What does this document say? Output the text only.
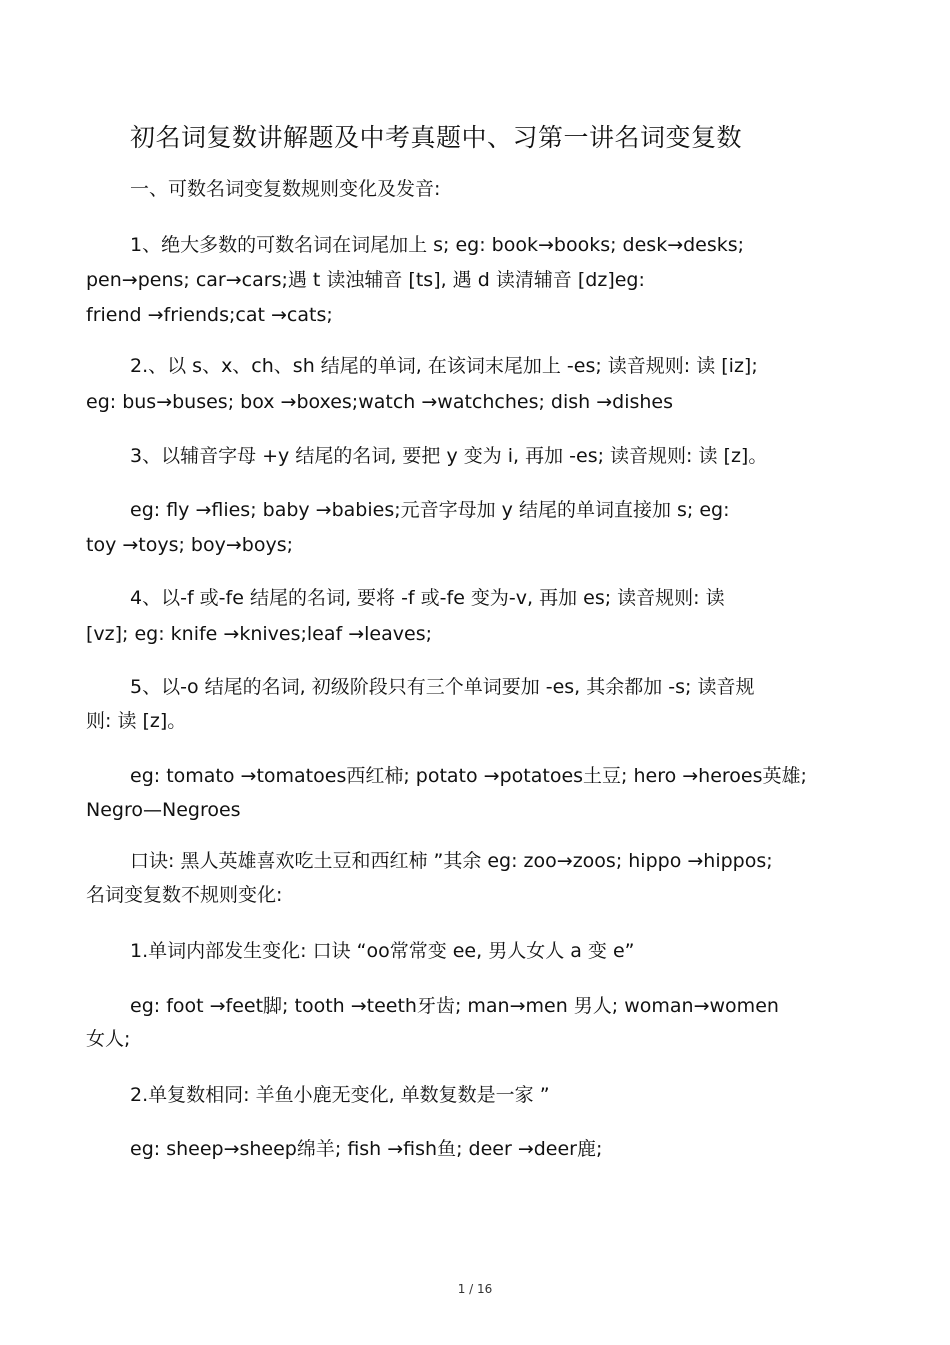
初名词复数讲解题及中考真题中、习第一讲名词变复数
一、可数名词变复数规则变化及发音:
1、绝大多数的可数名词在词尾加上 s; eg: book→books; desk→desks;
pen→pens; car→cars;遇 t 读浊辅音 [ts], 遇 d 读清辅音 [dz]eg:
friend →friends;cat →cats;
2.、以 s、x、ch、sh 结尾的单词, 在该词末尾加上 -es; 读音规则: 读 [iz];
eg: bus→buses; box →boxes;watch →watchches; dish →dishes
3、以辅音字母 +y 结尾的名词, 要把 y 变为 i, 再加 -es; 读音规则: 读 [z]。
eg: fly →flies; baby →babies;元音字母加 y 结尾的单词直接加 s; eg:
toy →toys; boy→boys;
4、以-f 或-fe 结尾的名词, 要将 -f 或-fe 变为-v, 再加 es; 读音规则: 读
[vz]; eg: knife →knives;leaf →leaves;
5、以-o 结尾的名词, 初级阶段只有三个单词要加 -es, 其余都加 -s; 读音规
则: 读 [z]。
eg: tomato →tomatoes西红柿; potato →potatoes土豆; hero →heroes英雄;
Negro—Negroes
口诀: 黑人英雄喜欢吃土豆和西红柿 ”其余 eg: zoo→zoos; hippo →hippos;
名词变复数不规则变化:
1.单词内部发生变化: 口诀 “oo常常变 ee, 男人女人 a 变 e”
eg: foot →feet脚; tooth →teeth牙齿; man→men 男人; woman→women
女人;
2.单复数相同: 羊鱼小鹿无变化, 单数复数是一家 ”
eg: sheep→sheep绵羊; fish →fish鱼; deer →deer鹿;
1 / 16
